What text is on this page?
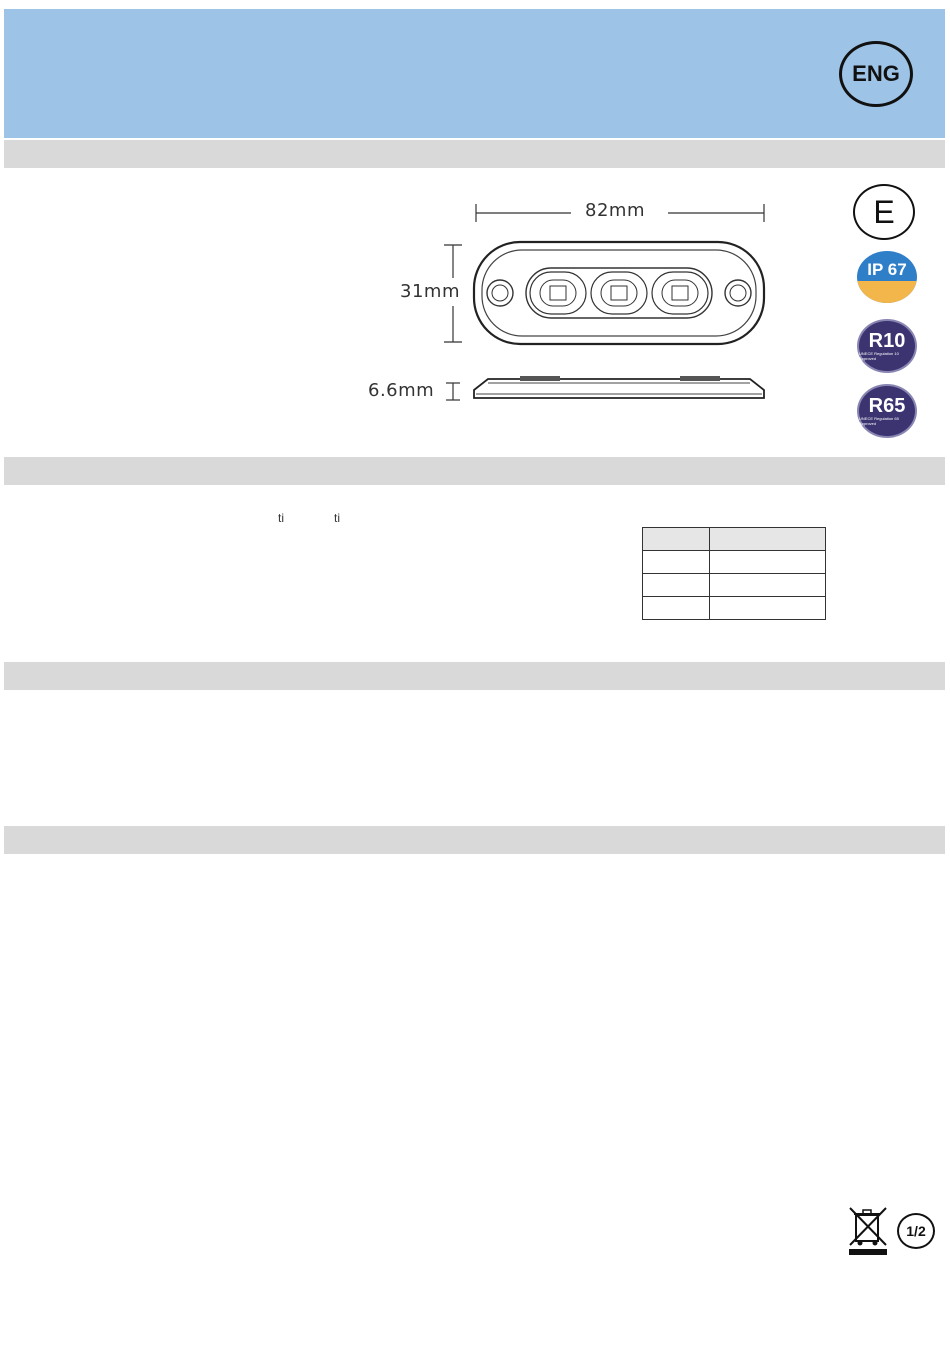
ENG
82mm
31mm
6.6mm
E
IP 67
R10
UNECE Regulation 10 Approved
R65
UNECE Regulation 65 Approved
ti	ti

1/2
